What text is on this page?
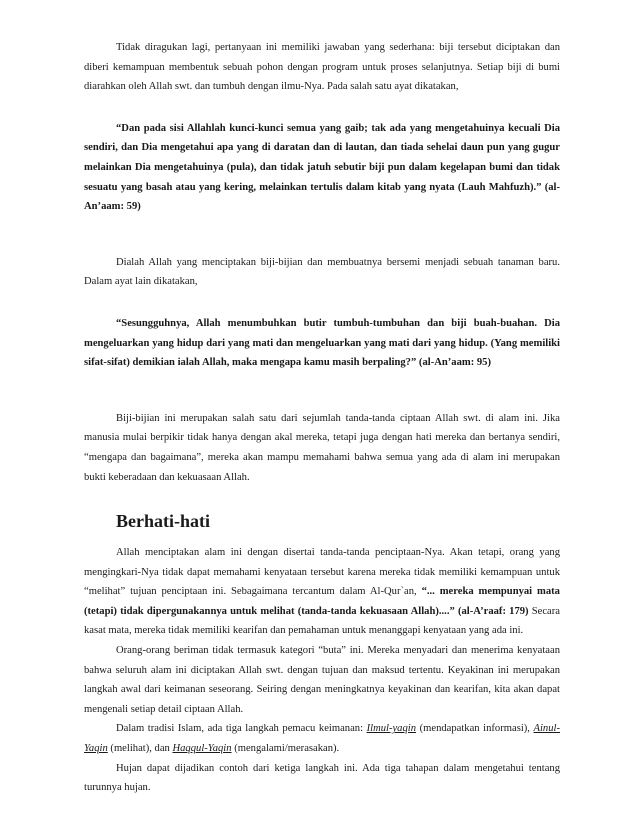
Tidak diragukan lagi, pertanyaan ini memiliki jawaban yang sederhana: biji tersebut diciptakan dan diberi kemampuan membentuk sebuah pohon dengan program untuk proses selanjutnya. Setiap biji di bumi diarahkan oleh Allah swt. dan tumbuh dengan ilmu-Nya. Pada salah satu ayat dikatakan,

“Dan pada sisi Allahlah kunci-kunci semua yang gaib; tak ada yang mengetahuinya kecuali Dia sendiri, dan Dia mengetahui apa yang di daratan dan di lautan, dan tiada sehelai daun pun yang gugur melainkan Dia mengetahuinya (pula), dan tidak jatuh sebutir biji pun dalam kegelapan bumi dan tidak sesuatu yang basah atau yang kering, melainkan tertulis dalam kitab yang nyata (Lauh Mahfuzh).” (al-An’aam: 59)

Dialah Allah yang menciptakan biji-bijian dan membuatnya bersemi menjadi sebuah tanaman baru. Dalam ayat lain dikatakan,

“Sesungguhnya, Allah menumbuhkan butir tumbuh-tumbuhan dan biji buah-buahan. Dia mengeluarkan yang hidup dari yang mati dan mengeluarkan yang mati dari yang hidup. (Yang memiliki sifat-sifat) demikian ialah Allah, maka mengapa kamu masih berpaling?” (al-An’aam: 95)

Biji-bijian ini merupakan salah satu dari sejumlah tanda-tanda ciptaan Allah swt. di alam ini. Jika manusia mulai berpikir tidak hanya dengan akal mereka, tetapi juga dengan hati mereka dan bertanya sendiri, “mengapa dan bagaimana”, mereka akan mampu memahami bahwa semua yang ada di alam ini merupakan bukti keberadaan dan kekuasaan Allah.

Berhati-hati

Allah menciptakan alam ini dengan disertai tanda-tanda penciptaan-Nya. Akan tetapi, orang yang mengingkari-Nya tidak dapat memahami kenyataan tersebut karena mereka tidak memiliki kemampuan untuk “melihat” tujuan penciptaan ini. Sebagaimana tercantum dalam Al-Qur`an, “... mereka mempunyai mata (tetapi) tidak dipergunakannya untuk melihat (tanda-tanda kekuasaan Allah)....” (al-A’raaf: 179) Secara kasat mata, mereka tidak memiliki kearifan dan pemahaman untuk menanggapi kenyataan yang ada ini.

Orang-orang beriman tidak termasuk kategori “buta” ini. Mereka menyadari dan menerima kenyataan bahwa seluruh alam ini diciptakan Allah swt. dengan tujuan dan maksud tertentu. Keyakinan ini merupakan langkah awal dari keimanan seseorang. Seiring dengan meningkatnya keyakinan dan kearifan, kita akan dapat mengenali setiap detail ciptaan Allah.

Dalam tradisi Islam, ada tiga langkah pemacu keimanan: Ilmul-yaqin (mendapatkan informasi), Ainul-Yaqin (melihat), dan Haqqul-Yaqin (mengalami/merasakan).

Hujan dapat dijadikan contoh dari ketiga langkah ini. Ada tiga tahapan dalam mengetahui tentang turunnya hujan.
